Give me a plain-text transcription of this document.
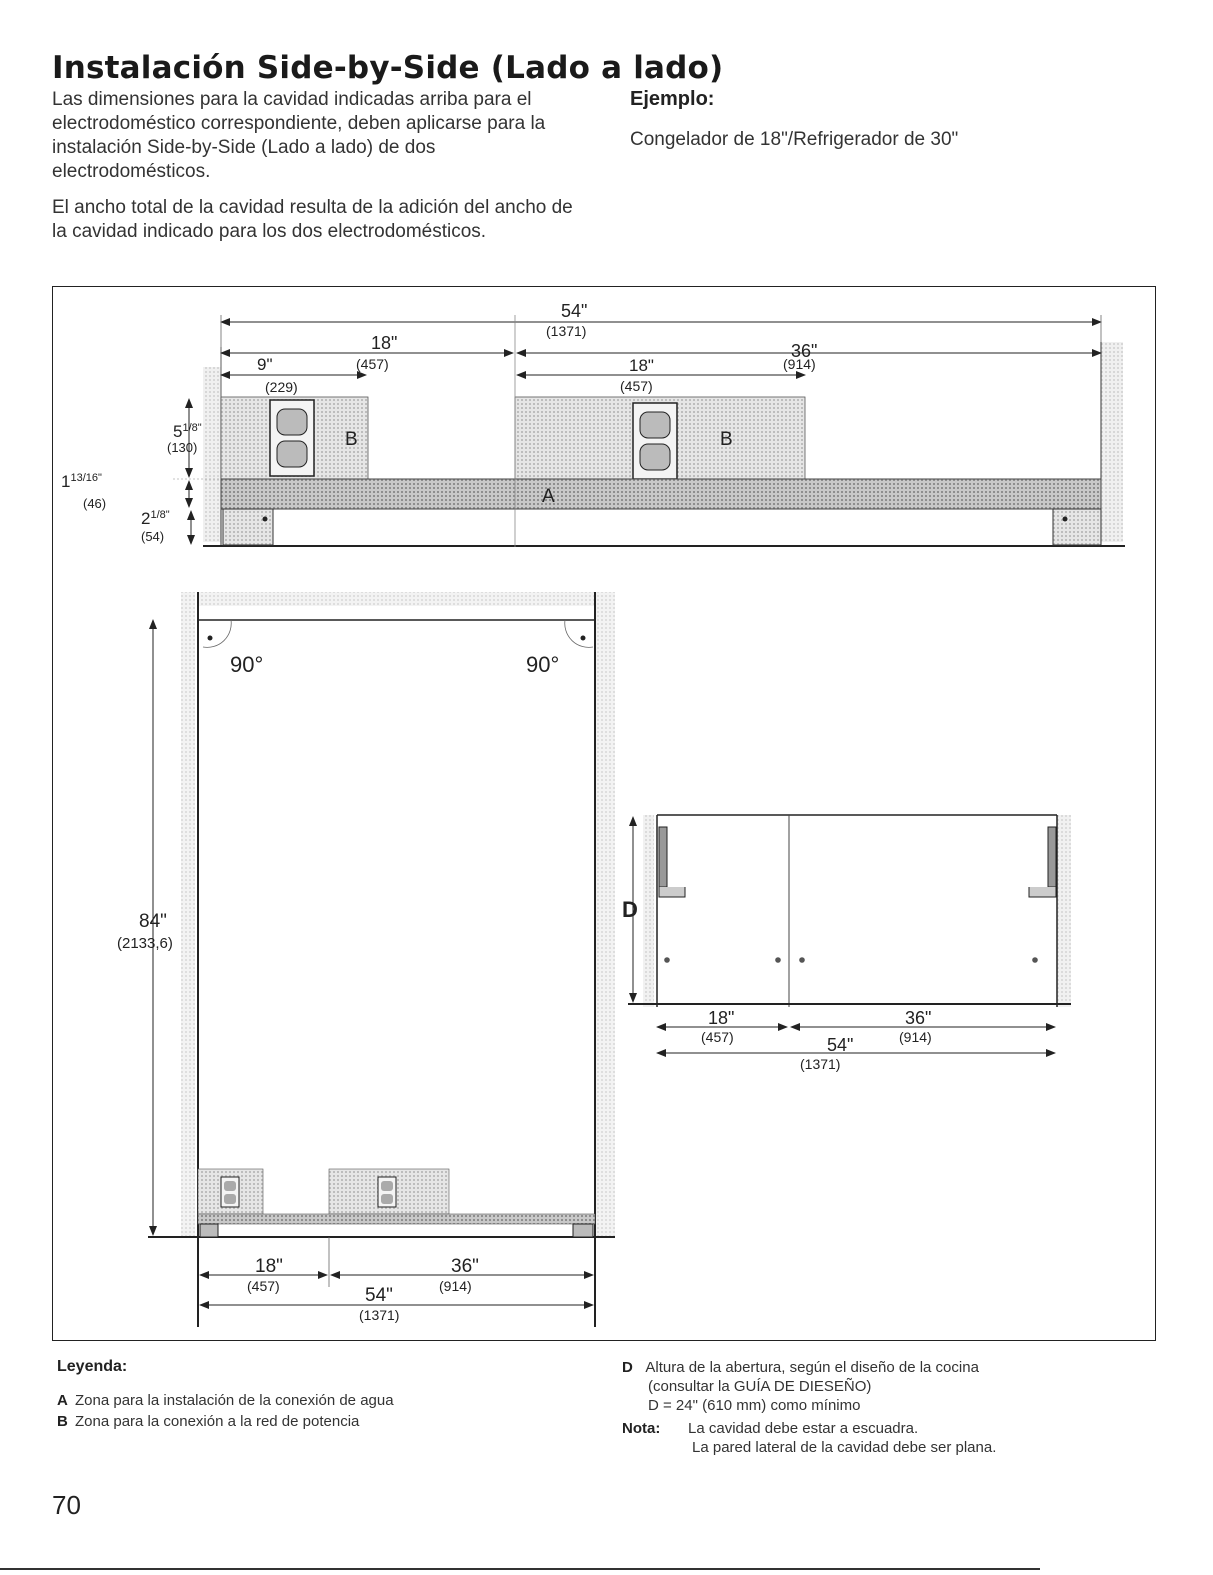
Instalación Side-by-Side (Lado a lado)

Las dimensiones para la cavidad indicadas arriba para el electrodoméstico correspondiente, deben aplicarse para la instalación Side-by-Side (Lado a lado) de dos electrodomésticos.

El ancho total de la cavidad resulta de la adición del ancho de la cavidad indicado para los dos electrodomésticos.

Ejemplo:

Congelador de 18"/Refrigerador de 30"

B	B
A
54"
(1371)
18"
(457)
36"
(914)
9"
(229)
18"
(457)
$5^{1/8"}$
(130)
$1^{13/16"}$
(46)
$2^{1/8"}$
(54)
90°	90°
84"
(2133,6)
18"
(457)
36"
(914)
54"
(1371)
D
18"
(457)
36"
(914)
54"
(1371)
Leyenda:
A Zona para la instalación de la conexión de agua
B Zona para la conexión a la red de potencia
D Altura de la abertura, según el diseño de la cocina
(consultar la GUÍA DE DIESEÑO)
D = 24" (610 mm) como mínimo
Nota: La cavidad debe estar a escuadra.
La pared lateral de la cavidad debe ser plana.
70
